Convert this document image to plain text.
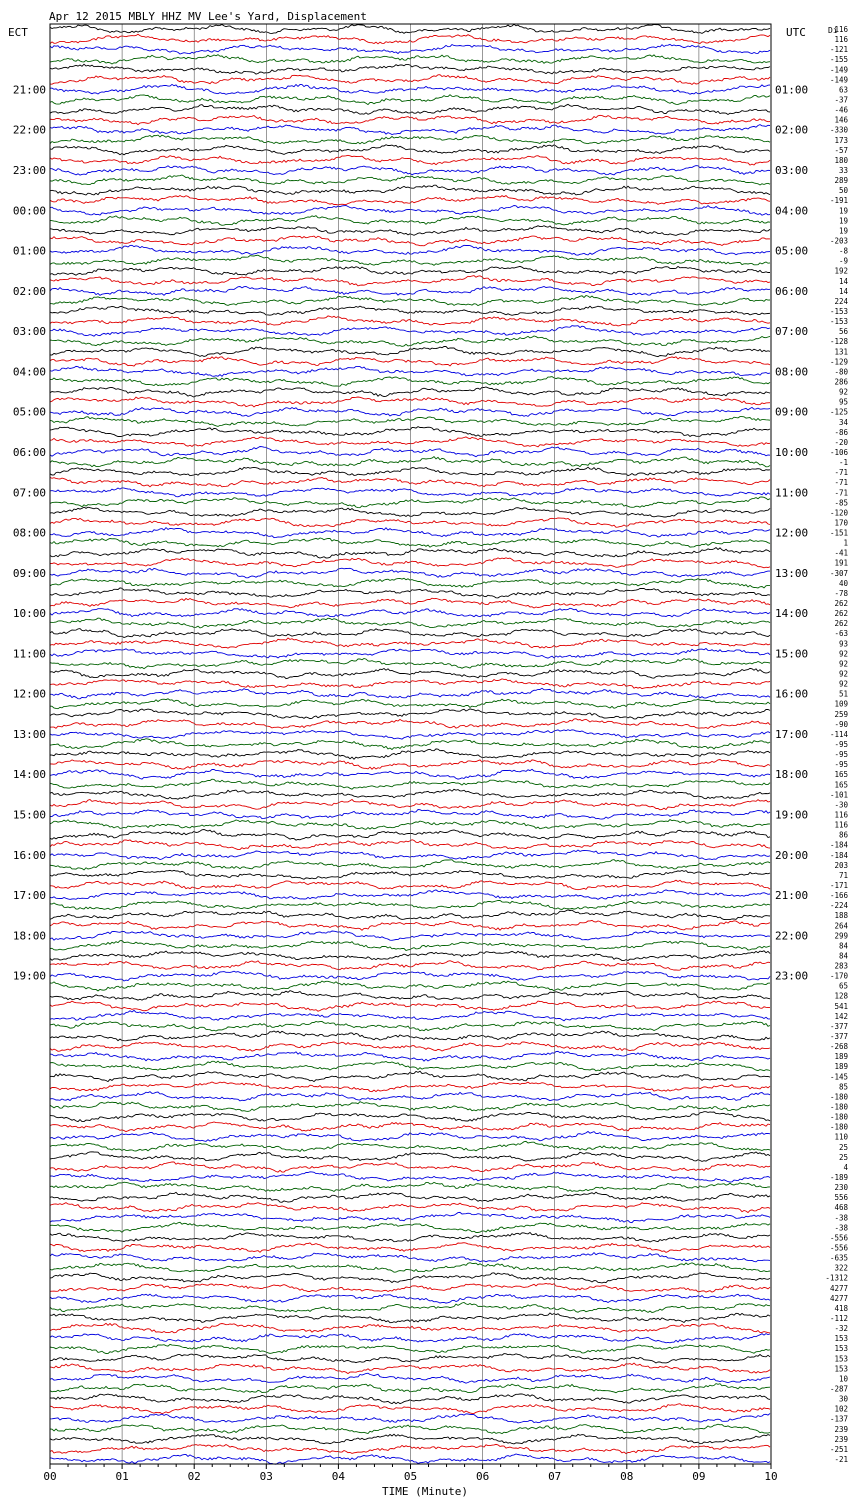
Apr 12 2015 MBLY HHZ MV Lee's Yard, Displacement
ECT	UTC	Di
TIME (Minute)
00	01	02	03	04	05	06	07	08	09	10
21:00
22:00
23:00
00:00
01:00
02:00
03:00
04:00
05:00
06:00
07:00
08:00
09:00
10:00
11:00
12:00
13:00
14:00
15:00
16:00
17:00
18:00
19:00
01:00
02:00
03:00
04:00
05:00
06:00
07:00
08:00
09:00
10:00
11:00
12:00
13:00
14:00
15:00
16:00
17:00
18:00
19:00
20:00
21:00
22:00
23:00
116
116
-121
-155
-149
-149
63
-37
-46
146
-330
173
-57
180
33
289
50
-191
19
19
19
-203
-8
-9
192
14
14
224
-153
-153
56
-128
131
-129
-80
286
92
95
-125
34
-86
-20
-106
-1
-71
-71
-71
-85
-120
170
-151
1
-41
191
-307
40
-78
262
262
262
-63
93
92
92
92
92
51
109
259
-90
-114
-95
-95
-95
165
165
-101
-30
116
116
86
-184
-184
203
71
-171
-166
-224
188
264
299
84
84
283
-170
65
128
541
142
-377
-377
-268
189
189
-145
85
-180
-180
-180
-180
110
25
25
4
-189
230
556
468
-38
-38
-556
-556
-635
322
-1312
4277
4277
418
-112
-32
153
153
153
153
10
-287
30
102
-137
239
239
-251
-21
